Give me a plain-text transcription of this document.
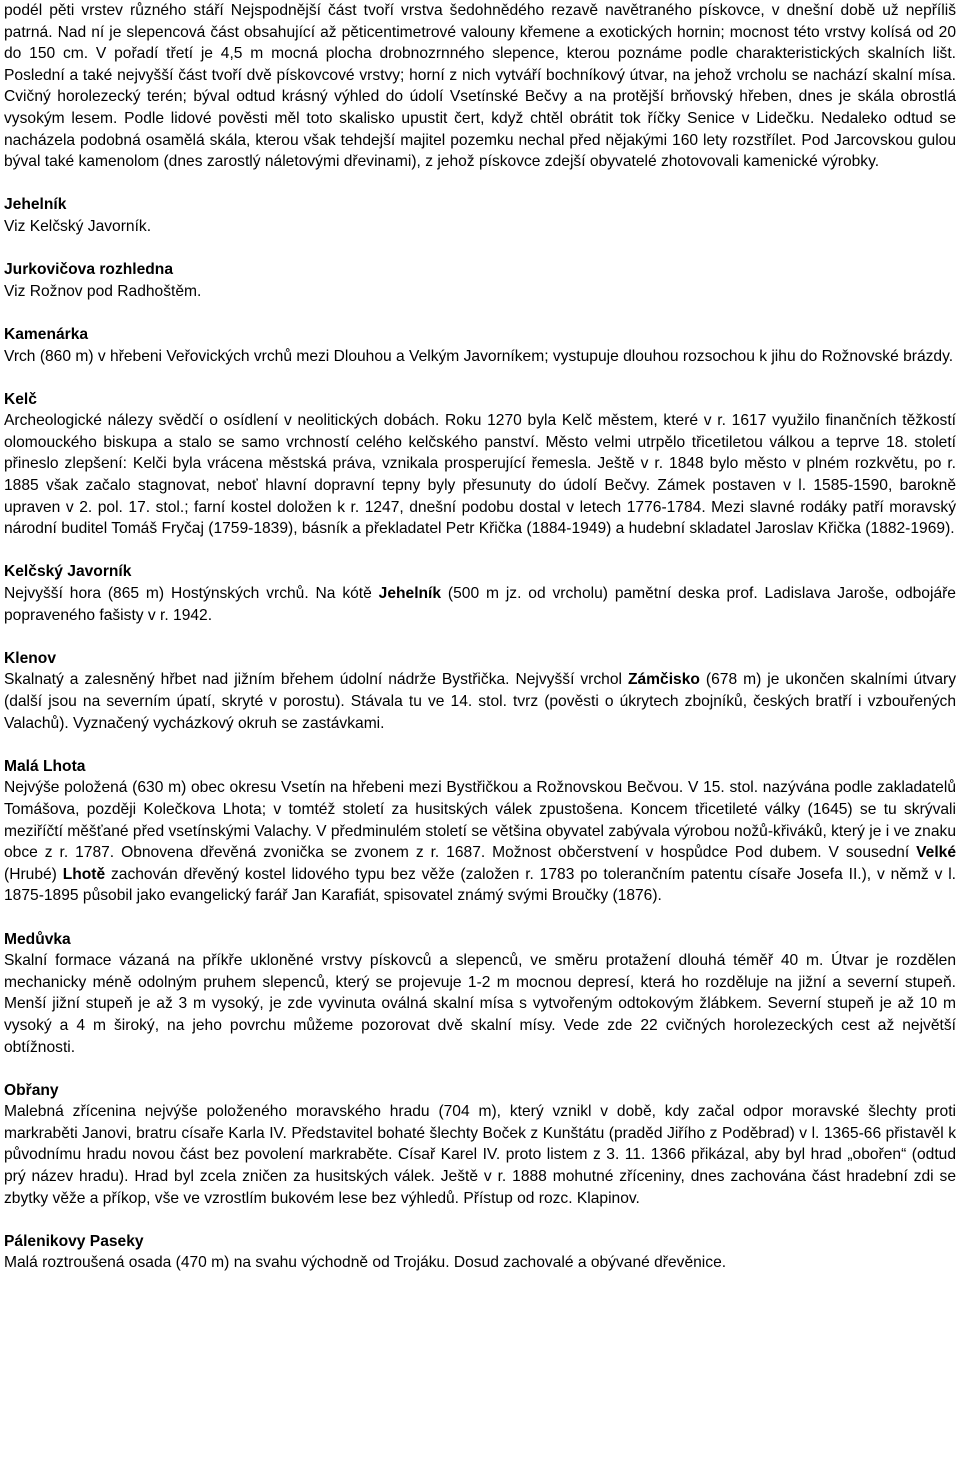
podél pěti vrstev různého stáří Nejspodnější část tvoří vrstva šedohnědého rezavě navětraného pískovce, v dnešní době už nepříliš patrná. Nad ní je slepencová část obsahující až pěticentimetrové valouny křemene a exotických hornin; mocnost této vrstvy kolísá od 20 do 150 cm. V pořadí třetí je 4,5 m mocná plocha drobnozrnného slepence, kterou poznáme podle charakteristických skalních lišt. Poslední a také nejvyšší část tvoří dvě pískovcové vrstvy; horní z nich vytváří bochníkový útvar, na jehož vrcholu se nachází skalní mísa. Cvičný horolezecký terén; býval odtud krásný výhled do údolí Vsetínské Bečvy a na protější brňovský hřeben, dnes je skála obrostlá vysokým lesem. Podle lidové pověsti měl toto skalisko upustit čert, když chtěl obrátit tok říčky Senice v Lidečku. Nedaleko odtud se nacházela podobná osamělá skála, kterou však tehdejší majitel pozemku nechal před nějakými 160 lety rozstřílet. Pod Jarcovskou gulou býval také kamenolom (dnes zarostlý náletovými dřevinami), z jehož pískovce zdejší obyvatelé zhotovovali kamenické výrobky.

Jehelník

Viz Kelčský Javorník.

Jurkovičova rozhledna

Viz Rožnov pod Radhoštěm.

Kamenárka

Vrch (860 m) v hřebeni Veřovických vrchů mezi Dlouhou a Velkým Javorníkem; vystupuje dlouhou rozsochou k jihu do Rožnovské brázdy.

Kelč

Archeologické nálezy svědčí o osídlení v neolitických dobách. Roku 1270 byla Kelč městem, které v r. 1617 využilo finančních těžkostí olomouckého biskupa a stalo se samo vrchností celého kelčského panství. Město velmi utrpělo třicetiletou válkou a teprve 18. století přineslo zlepšení: Kelči byla vrácena městská práva, vznikala prosperující řemesla. Ještě v r. 1848 bylo město v plném rozkvětu, po r. 1885 však začalo stagnovat, neboť hlavní dopravní tepny byly přesunuty do údolí Bečvy. Zámek postaven v l. 1585-1590, barokně upraven v 2. pol. 17. stol.; farní kostel doložen k r. 1247, dnešní podobu dostal v letech 1776-1784. Mezi slavné rodáky patří moravský národní buditel Tomáš Fryčaj (1759-1839), básník a překladatel Petr Křička (1884-1949) a hudební skladatel Jaroslav Křička (1882-1969).

Kelčský Javorník

Nejvyšší hora (865 m) Hostýnských vrchů. Na kótě Jehelník (500 m jz. od vrcholu) pamětní deska prof. Ladislava Jaroše, odbojáře popraveného fašisty v r. 1942.

Klenov

Skalnatý a zalesněný hřbet nad jižním břehem údolní nádrže Bystřička. Nejvyšší vrchol Zámčisko (678 m) je ukončen skalními útvary (další jsou na severním úpatí, skryté v porostu). Stávala tu ve 14. stol. tvrz (pověsti o úkrytech zbojníků, českých bratří i vzbouřených Valachů). Vyznačený vycházkový okruh se zastávkami.

Malá Lhota

Nejvýše položená (630 m) obec okresu Vsetín na hřebeni mezi Bystřičkou a Rožnovskou Bečvou. V 15. stol. nazývána podle zakladatelů Tomášova, později Kolečkova Lhota; v tomtéž století za husitských válek zpustošena. Koncem třicetileté války (1645) se tu skrývali meziříčtí měšťané před vsetínskými Valachy. V předminulém století se většina obyvatel zabývala výrobou nožů-křiváků, který je i ve znaku obce z r. 1787. Obnovena dřevěná zvonička se zvonem z r. 1687. Možnost občerstvení v hospůdce Pod dubem. V sousední Velké (Hrubé) Lhotě zachován dřevěný kostel lidového typu bez věže (založen r. 1783 po tolerančním patentu císaře Josefa II.), v němž v l. 1875-1895 působil jako evangelický farář Jan Karafiát, spisovatel známý svými Broučky (1876).

Medůvka

Skalní formace vázaná na příkře ukloněné vrstvy pískovců a slepenců, ve směru protažení dlouhá téměř 40 m. Útvar je rozdělen mechanicky méně odolným pruhem slepenců, který se projevuje 1-2 m mocnou depresí, která ho rozděluje na jižní a severní stupeň. Menší jižní stupeň je až 3 m vysoký, je zde vyvinuta oválná skalní mísa s vytvořeným odtokovým žlábkem. Severní stupeň je až 10 m vysoký a 4 m široký, na jeho povrchu můžeme pozorovat dvě skalní mísy. Vede zde 22 cvičných horolezeckých cest až největší obtížnosti.

Obřany

Malebná zřícenina nejvýše položeného moravského hradu (704 m), který vznikl v době, kdy začal odpor moravské šlechty proti markraběti Janovi, bratru císaře Karla IV. Představitel bohaté šlechty Boček z Kunštátu (praděd Jiřího z Poděbrad) v l. 1365-66 přistavěl k původnímu hradu novou část bez povolení markraběte. Císař Karel IV. proto listem z 3. 11. 1366 přikázal, aby byl hrad „obořen“ (odtud prý název hradu). Hrad byl zcela zničen za husitských válek. Ještě v r. 1888 mohutné zříceniny, dnes zachována část hradební zdi se zbytky věže a příkop, vše ve vzrostlím bukovém lese bez výhledů. Přístup od rozc. Klapinov.

Pálenikovy Paseky

Malá roztroušená osada (470 m) na svahu východně od Trojáku. Dosud zachovalé a obývané dřevěnice.
